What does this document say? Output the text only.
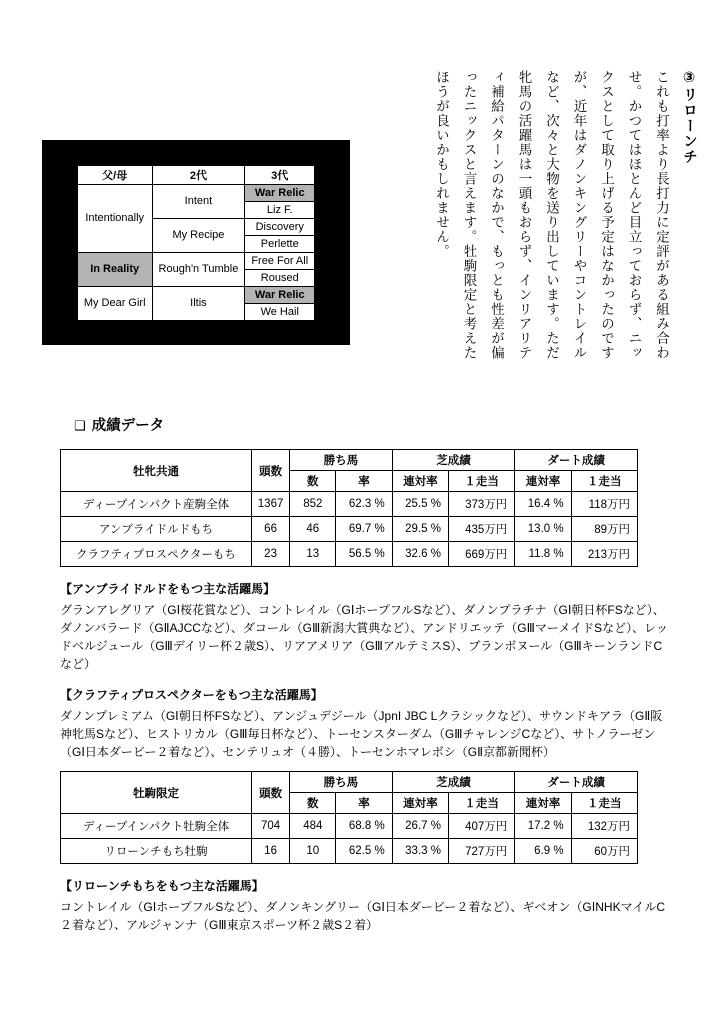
父/母	2代	3代
Intentionally	Intent	War Relic
		Liz F.
	My Recipe	Discovery
		Perlette
In Reality	Rough'n Tumble	Free For All
		Roused
My Dear Girl	Iltis	War Relic
		We Hail
③リローンチ

これも打率より長打力に定評がある組み合わせ。かつてはほとんど目立っておらず、ニックスとして取り上げる予定はなかったのですが、近年はダノンキングリーやコントレイルなど、次々と大物を送り出しています。ただ牝馬の活躍馬は一頭もおらず、インリアリティ補給パターンのなかで、もっとも性差が偏ったニックスと言えます。牡駒限定と考えたほうが良いかもしれません。

❑ 成績データ
牡牝共通	頭数	勝ち馬		芝成績		ダート成績	
		数	率	連対率	１走当	連対率	１走当
ディープインパクト産駒全体	1367	852	62.3 %	25.5 %	373万円	16.4 %	118万円
アンブライドルドもち	66	46	69.7 %	29.5 %	435万円	13.0 %	89万円
クラフティプロスペクターもち	23	13	56.5 %	32.6 %	669万円	11.8 %	213万円
【アンブライドルドをもつ主な活躍馬】

グランアレグリア（GⅠ桜花賞など）、コントレイル（GⅠホープフルSなど）、ダノンプラチナ（GⅠ朝日杯FSなど）、ダノンバラード（GⅡAJCCなど）、ダコール（GⅢ新潟大賞典など）、アンドリエッテ（GⅢマーメイドSなど）、レッドベルジュール（GⅢデイリー杯２歳S）、リアアメリア（GⅢアルテミスS）、ブランボヌール（GⅢキーンランドCなど）

【クラフティプロスペクターをもつ主な活躍馬】

ダノンプレミアム（GⅠ朝日杯FSなど）、アンジュデジール（JpnI JBC Lクラシックなど）、サウンドキアラ（GⅡ阪神牝馬Sなど）、ヒストリカル（GⅢ毎日杯など）、トーセンスターダム（GⅢチャレンジCなど）、サトノラーゼン（GⅠ日本ダービー２着など）、センテリュオ（４勝）、トーセンホマレボシ（GⅡ京都新聞杯）

牡駒限定	頭数	勝ち馬		芝成績		ダート成績	
		数	率	連対率	１走当	連対率	１走当
ディープインパクト牡駒全体	704	484	68.8 %	26.7 %	407万円	17.2 %	132万円
リローンチもち牡駒	16	10	62.5 %	33.3 %	727万円	6.9 %	60万円
【リローンチもちをもつ主な活躍馬】

コントレイル（GⅠホープフルSなど）、ダノンキングリー（GⅠ日本ダービー２着など）、ギベオン（GⅠNHKマイルC２着など）、アルジャンナ（GⅢ東京スポーツ杯２歳S２着）
